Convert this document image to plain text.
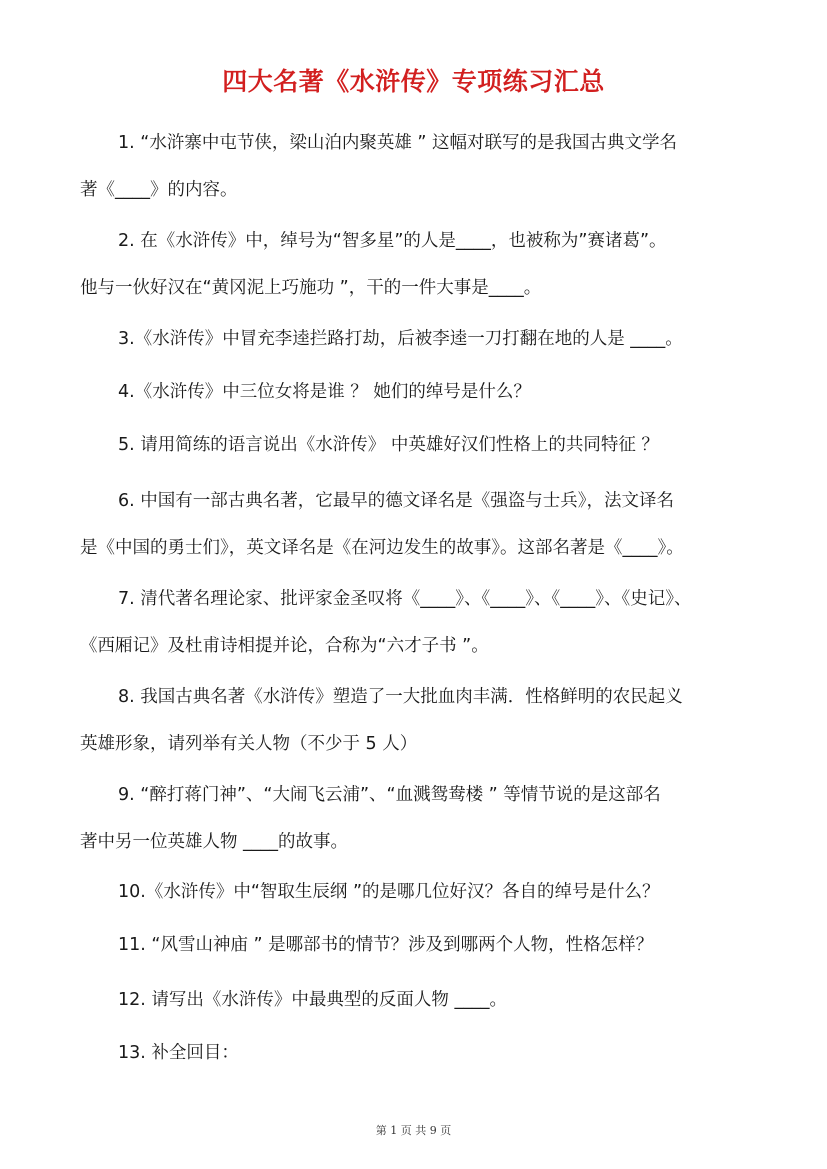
四大名著《水浒传》专项练习汇总
1. “水浒寨中屯节侠，梁山泊内聚英雄 ” 这幅对联写的是我国古典文学名
著《____》的内容。
2. 在《水浒传》中，绰号为“智多星”的人是____，也被称为”赛诸葛”。
他与一伙好汉在“黄冈泥上巧施功 ”，干的一件大事是____。
3.《水浒传》中冒充李逵拦路打劫，后被李逵一刀打翻在地的人是 ____。
4.《水浒传》中三位女将是谁 ？ 她们的绰号是什么？
5. 请用简练的语言说出《水浒传》 中英雄好汉们性格上的共同特征 ？
6. 中国有一部古典名著，它最早的德文译名是《强盗与士兵》，法文译名
是《中国的勇士们》，英文译名是《在河边发生的故事》。这部名著是《____》。
7. 清代著名理论家、批评家金圣叹将《____》、《____》、《____》、《史记》、
《西厢记》及杜甫诗相提并论，合称为“六才子书 ”。
8. 我国古典名著《水浒传》塑造了一大批血肉丰满．性格鲜明的农民起义
英雄形象，请列举有关人物（不少于 5 人）
9. “醉打蒋门神”、“大闹飞云浦”、“血溅鸳鸯楼 ” 等情节说的是这部名
著中另一位英雄人物 ____的故事。
10.《水浒传》中“智取生辰纲 ”的是哪几位好汉？各自的绰号是什么？
11. “风雪山神庙 ” 是哪部书的情节？涉及到哪两个人物，性格怎样？
12. 请写出《水浒传》中最典型的反面人物 ____。
13. 补全回目：
第 1 页 共 9 页
